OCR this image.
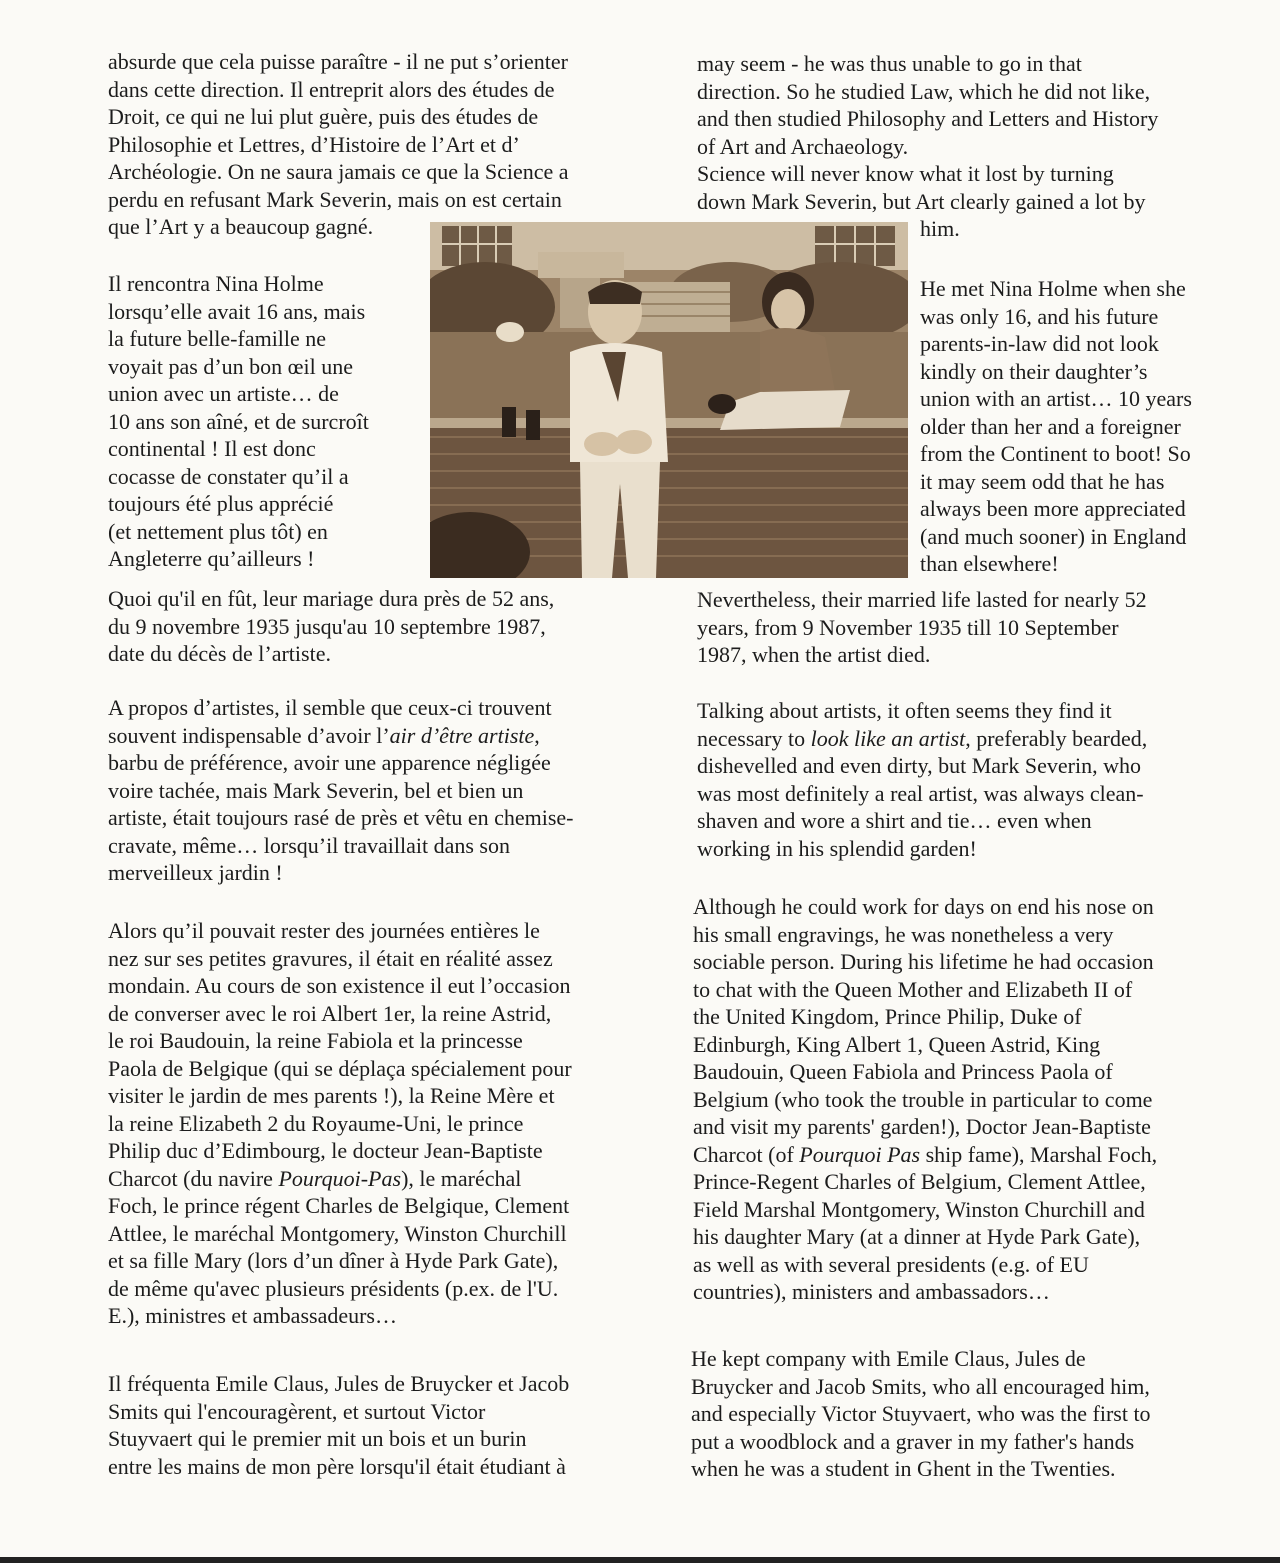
absurde que cela puisse paraître - il ne put s’orienter
dans cette direction. Il entreprit alors des études de
Droit, ce qui ne lui plut guère, puis des études de
Philosophie et Lettres, d’Histoire de l’Art et d’
Archéologie. On ne saura jamais ce que la Science a
perdu en refusant Mark Severin, mais on est certain
que l’Art y a beaucoup gagné.
Il rencontra Nina Holme
lorsqu’elle avait 16 ans, mais
la future belle-famille ne
voyait pas d’un bon œil une
union avec un artiste… de
10 ans son aîné, et de surcroît
continental ! Il est donc
cocasse de constater qu’il a
toujours été plus apprécié
(et nettement plus tôt) en
Angleterre qu’ailleurs !
Quoi qu'il en fût, leur mariage dura près de 52 ans,
du 9 novembre 1935 jusqu'au 10 septembre 1987,
date du décès de l’artiste.
A propos d’artistes, il semble que ceux-ci trouvent
souvent indispensable d’avoir l’air d’être artiste,
barbu de préférence, avoir une apparence négligée
voire tachée, mais Mark Severin, bel et bien un
artiste, était toujours rasé de près et vêtu en chemise-
cravate, même… lorsqu’il travaillait dans son
merveilleux jardin !
Alors qu’il pouvait rester des journées entières le
nez sur ses petites gravures, il était en réalité assez
mondain. Au cours de son existence il eut l’occasion
de converser avec le roi Albert 1er, la reine Astrid,
le roi Baudouin, la reine Fabiola et la princesse
Paola de Belgique (qui se déplaça spécialement pour
visiter le jardin de mes parents !), la Reine Mère et
la reine Elizabeth 2 du Royaume-Uni, le prince
Philip duc d’Edimbourg, le docteur Jean-Baptiste
Charcot (du navire Pourquoi-Pas), le maréchal
Foch, le prince régent Charles de Belgique, Clement
Attlee, le maréchal Montgomery, Winston Churchill
et sa fille Mary (lors d’un dîner à Hyde Park Gate),
de même qu'avec plusieurs présidents (p.ex. de l'U.
E.), ministres et ambassadeurs…
Il fréquenta Emile Claus, Jules de Bruycker et Jacob
Smits qui l'encouragèrent, et surtout Victor
Stuyvaert qui le premier mit un bois et un burin
entre les mains de mon père lorsqu'il était étudiant à
may seem - he was thus unable to go in that
direction. So he studied Law, which he did not like,
and then studied Philosophy and Letters and History
of Art and Archaeology.
Science will never know what it lost by turning
down Mark Severin, but Art clearly gained a lot by
him.
He met Nina Holme when she
was only 16, and his future
parents-in-law did not look
kindly on their daughter’s
union with an artist… 10 years
older than her and a foreigner
from the Continent to boot! So
it may seem odd that he has
always been more appreciated
(and much sooner) in England
than elsewhere!
Nevertheless, their married life lasted for nearly 52
years, from 9 November 1935 till 10 September
1987, when the artist died.
Talking about artists, it often seems they find it
necessary to look like an artist, preferably bearded,
dishevelled and even dirty, but Mark Severin, who
was most definitely a real artist, was always clean-
shaven and wore a shirt and tie… even when
working in his splendid garden!
Although he could work for days on end his nose on
his small engravings, he was nonetheless a very
sociable person. During his lifetime he had occasion
to chat with the Queen Mother and Elizabeth II of
the United Kingdom, Prince Philip, Duke of
Edinburgh, King Albert 1, Queen Astrid, King
Baudouin, Queen Fabiola and Princess Paola of
Belgium (who took the trouble in particular to come
and visit my parents' garden!), Doctor Jean-Baptiste
Charcot (of Pourquoi Pas ship fame), Marshal Foch,
Prince-Regent Charles of Belgium, Clement Attlee,
Field Marshal Montgomery, Winston Churchill and
his daughter Mary (at a dinner at Hyde Park Gate),
as well as with several presidents (e.g. of EU
countries), ministers and ambassadors…
He kept company with Emile Claus, Jules de
Bruycker and Jacob Smits, who all encouraged him,
and especially Victor Stuyvaert, who was the first to
put a woodblock and a graver in my father's hands
when he was a student in Ghent in the Twenties.
